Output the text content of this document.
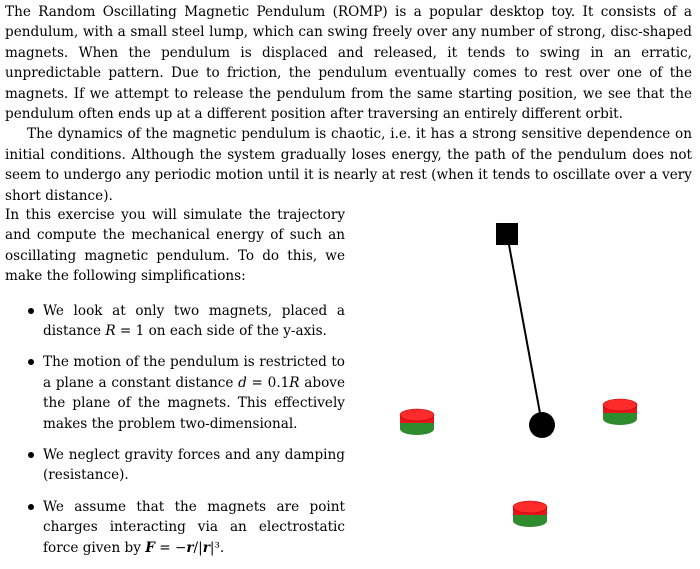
The Random Oscillating Magnetic Pendulum (ROMP) is a popular desktop toy. It consists of a pendulum, with a small steel lump, which can swing freely over any number of strong, disc-shaped magnets. When the pendulum is displaced and released, it tends to swing in an erratic, unpredictable pattern. Due to friction, the pendulum eventually comes to rest over one of the magnets. If we attempt to release the pendulum from the same starting position, we see that the pendulum often ends up at a different position after traversing an entirely different orbit.

The dynamics of the magnetic pendulum is chaotic, i.e. it has a strong sensitive dependence on initial conditions. Although the system gradually loses energy, the path of the pendulum does not seem to undergo any periodic motion until it is nearly at rest (when it tends to oscillate over a very short distance).

In this exercise you will simulate the trajectory and compute the mechanical energy of such an oscillating magnetic pendulum. To do this, we make the following simplifications:

We look at only two magnets, placed a distance R = 1 on each side of the y-axis.
The motion of the pendulum is restricted to a plane a constant distance d = 0.1R above the plane of the magnets. This effectively makes the problem two-dimensional.
We neglect gravity forces and any damping (resistance).
We assume that the magnets are point charges interacting via an electrostatic force given by F = −r/|r|³.
